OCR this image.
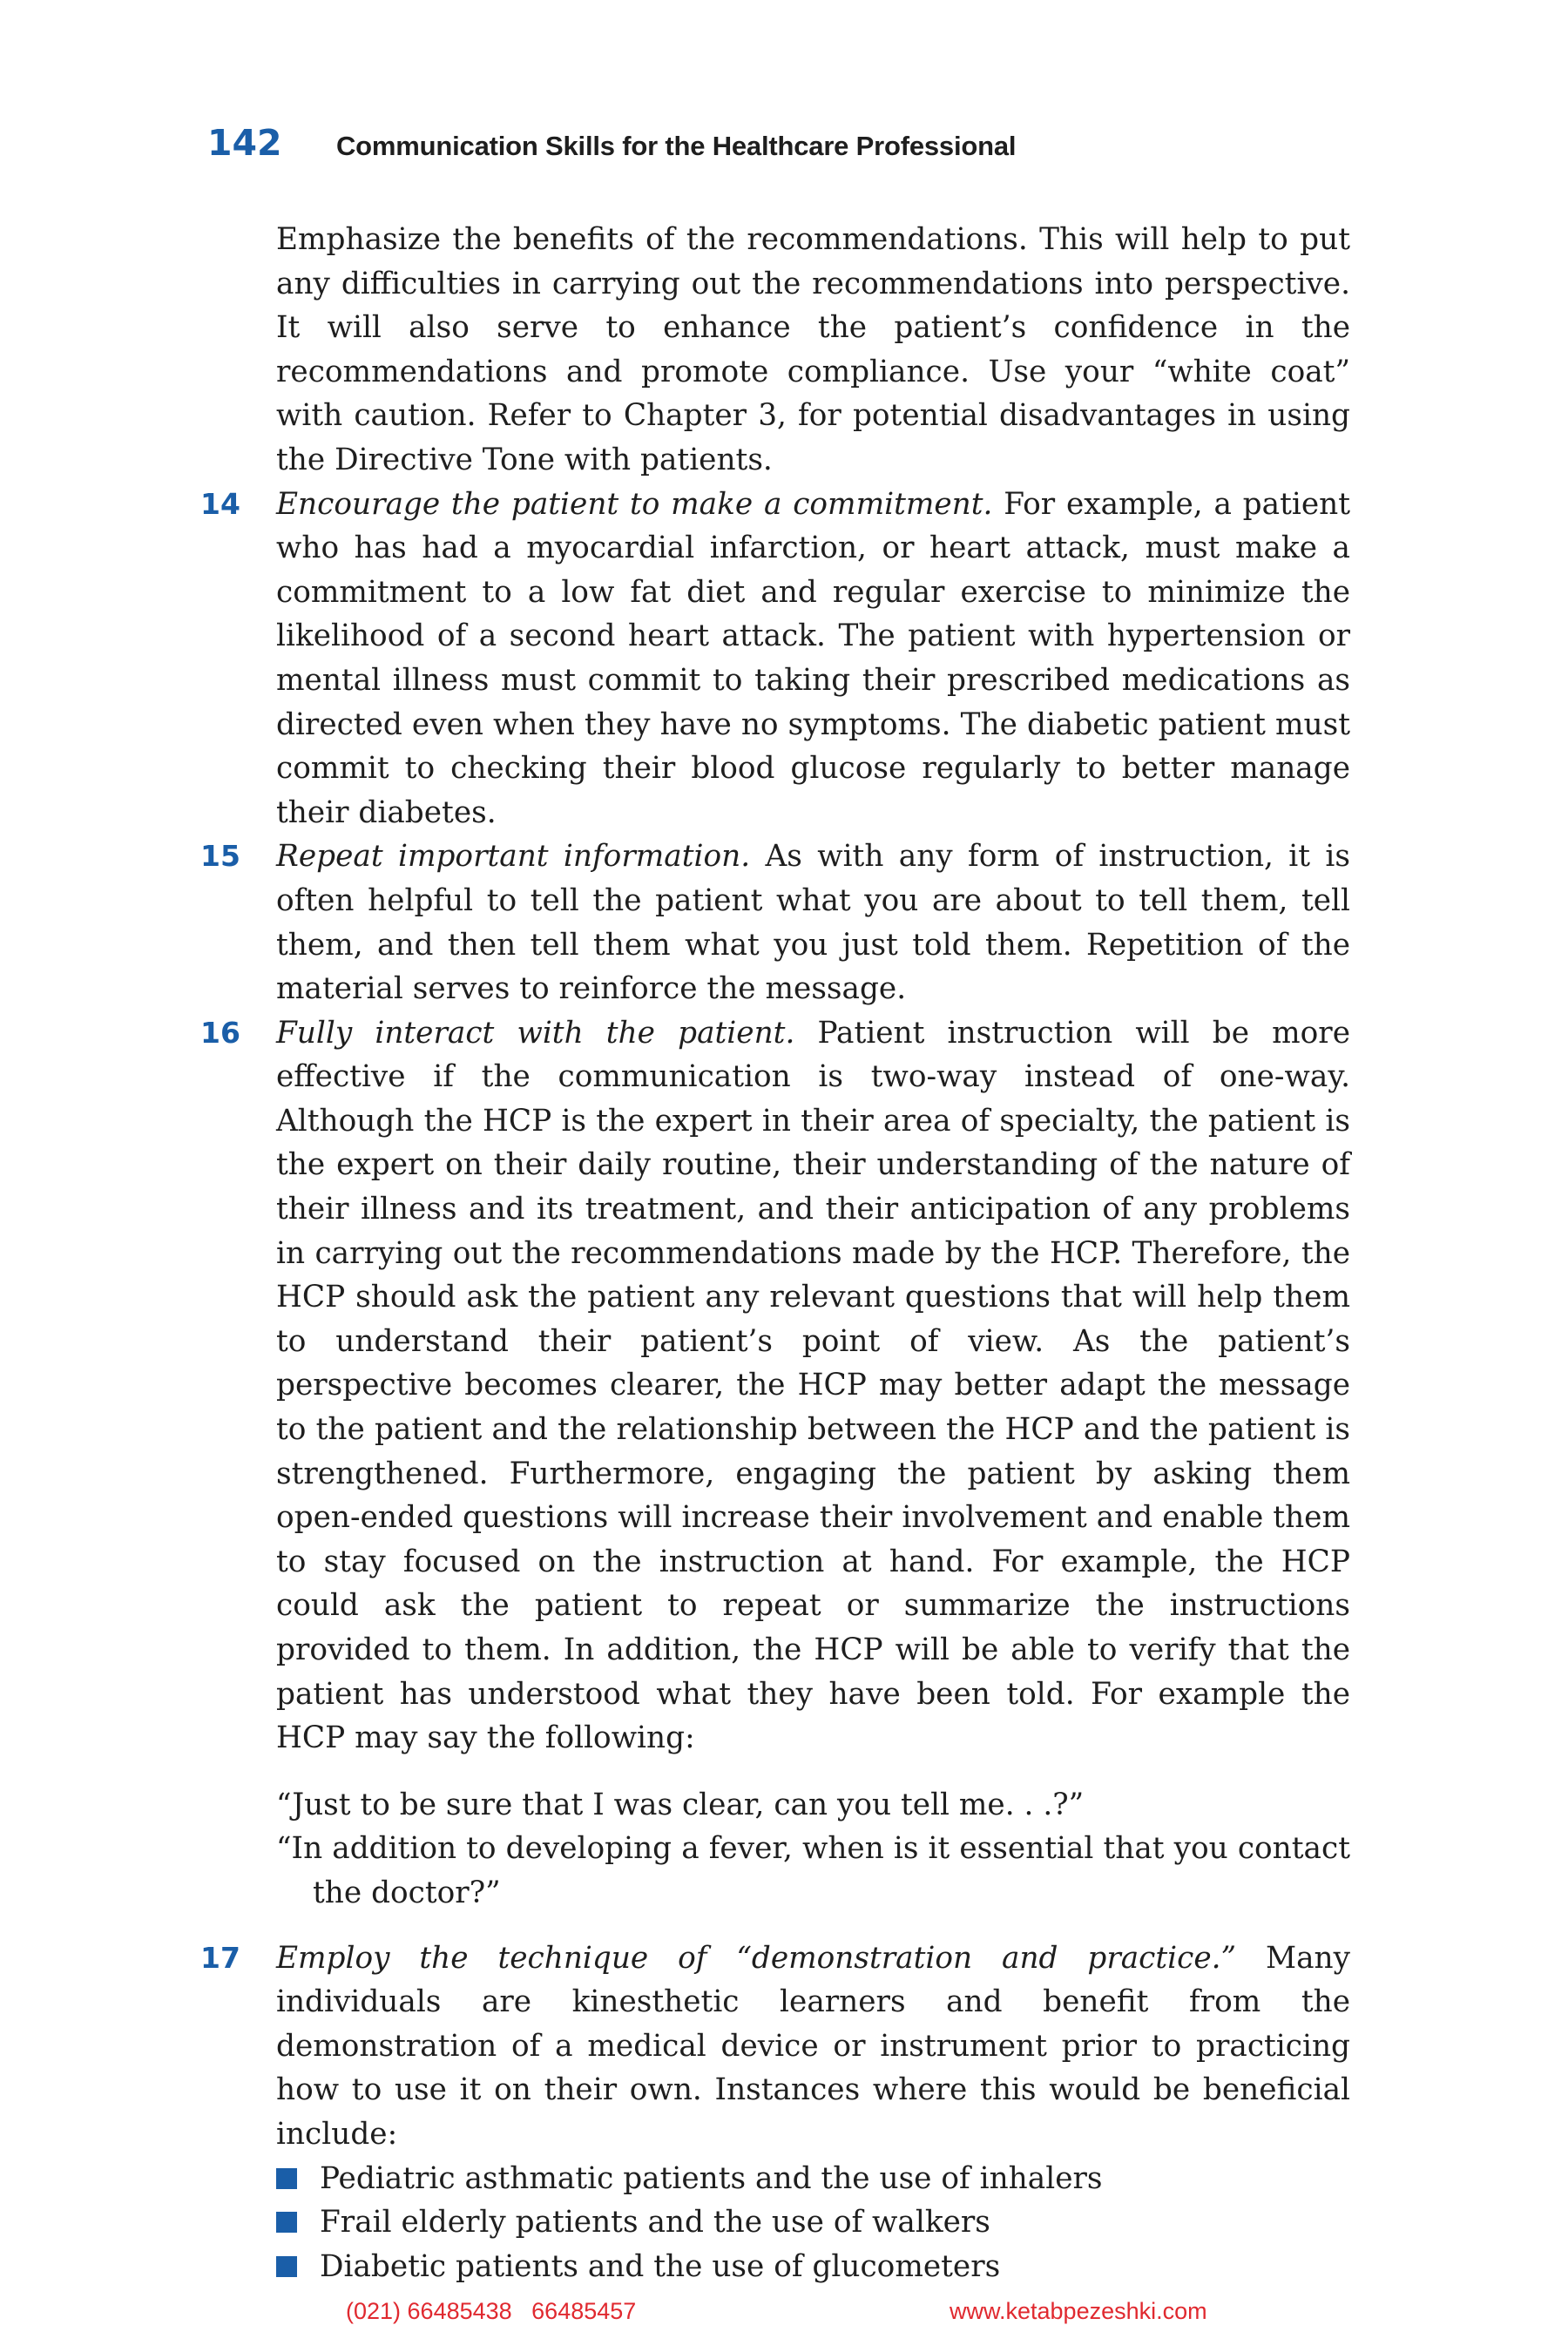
142	Communication Skills for the Healthcare Professional

Emphasize the benefits of the recommendations. This will help to put any difficulties in carrying out the recommendations into perspective. It will also serve to enhance the patient’s confidence in the recommendations and promote compliance. Use your “white coat” with caution. Refer to Chapter 3, for potential disadvantages in using the Directive Tone with patients.

14 Encourage the patient to make a commitment. For example, a patient who has had a myocardial infarction, or heart attack, must make a commitment to a low fat diet and regular exercise to minimize the likelihood of a second heart attack. The patient with hypertension or mental illness must commit to taking their prescribed medications as directed even when they have no symptoms. The diabetic patient must commit to checking their blood glucose regularly to better manage their diabetes.
15 Repeat important information. As with any form of instruction, it is often helpful to tell the patient what you are about to tell them, tell them, and then tell them what you just told them. Repetition of the material serves to reinforce the message.
16 Fully interact with the patient. Patient instruction will be more effective if the communication is two-way instead of one-way. Although the HCP is the expert in their area of specialty, the patient is the expert on their daily routine, their understanding of the nature of their illness and its treatment, and their anticipation of any problems in carrying out the recommendations made by the HCP. Therefore, the HCP should ask the patient any relevant questions that will help them to understand their patient’s point of view. As the patient’s perspective becomes clearer, the HCP may better adapt the message to the patient and the relationship between the HCP and the patient is strengthened. Furthermore, engaging the patient by asking them open-ended questions will increase their involvement and enable them to stay focused on the instruction at hand. For example, the HCP could ask the patient to repeat or summarize the instructions provided to them. In addition, the HCP will be able to verify that the patient has understood what they have been told. For example the HCP may say the following:
“Just to be sure that I was clear, can you tell me. . .?”
“In addition to developing a fever, when is it essential that you contact the doctor?”
17 Employ the technique of “demonstration and practice.” Many individuals are kinesthetic learners and benefit from the demonstration of a medical device or instrument prior to practicing how to use it on their own. Instances where this would be beneficial include:
Pediatric asthmatic patients and the use of inhalers
Frail elderly patients and the use of walkers
Diabetic patients and the use of glucometers
(021) 66485438   66485457	www.ketabpezeshki.com
